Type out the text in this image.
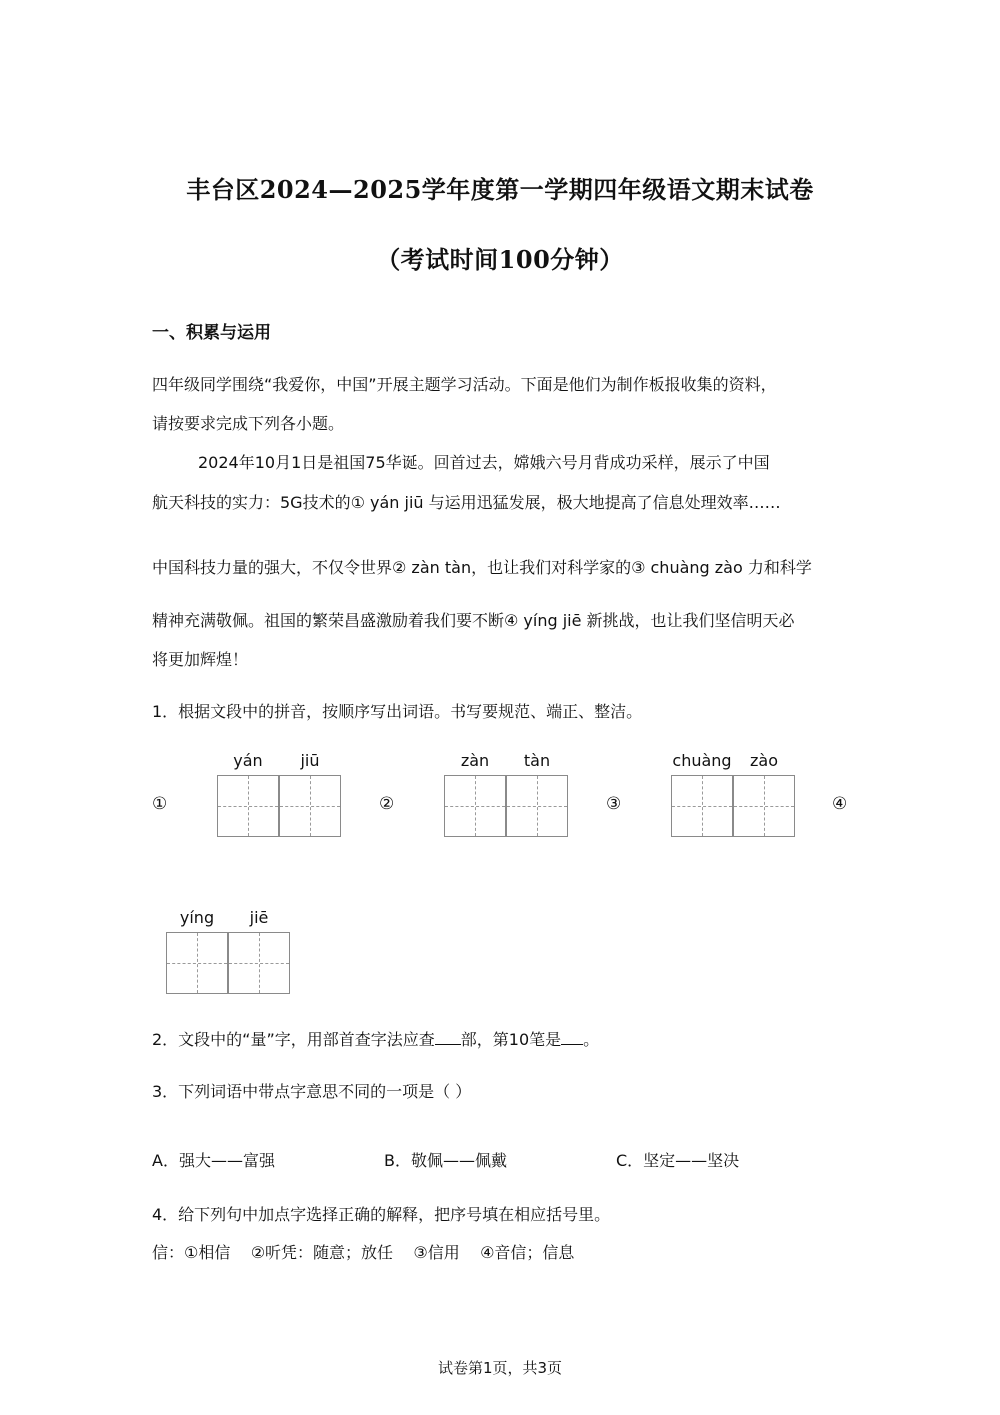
丰台区2024—2025学年度第一学期四年级语文期末试卷
（考试时间100分钟）
一、积累与运用
四年级同学围绕“我爱你，中国”开展主题学习活动。下面是他们为制作板报收集的资料，
请按要求完成下列各小题。
2024年10月1日是祖国75华诞。回首过去，嫦娥六号月背成功采样，展示了中国
航天科技的实力：5G技术的① yán jiū 与运用迅猛发展，极大地提高了信息处理效率……
中国科技力量的强大，不仅令世界② zàn tàn，也让我们对科学家的③ chuàng zào 力和科学
精神充满敬佩。祖国的繁荣昌盛激励着我们要不断④ yíng jiē 新挑战，也让我们坚信明天必
将更加辉煌！
1．根据文段中的拼音，按顺序写出词语。书写要规范、端正、整洁。
①	②	③	④
yán	jiū	zàn	tàn	chuàng	zào
yíng	jiē
2．文段中的“量”字，用部首查字法应查 部，第10笔是 。
3．下列词语中带点字意思不同的一项是（ ）
A．强大——富强	B．敬佩——佩戴	C．坚定——坚决
4．给下列句中加点字选择正确的解释，把序号填在相应括号里。
信：①相信    ②听凭：随意；放任    ③信用    ④音信；信息
试卷第1页，共3页
